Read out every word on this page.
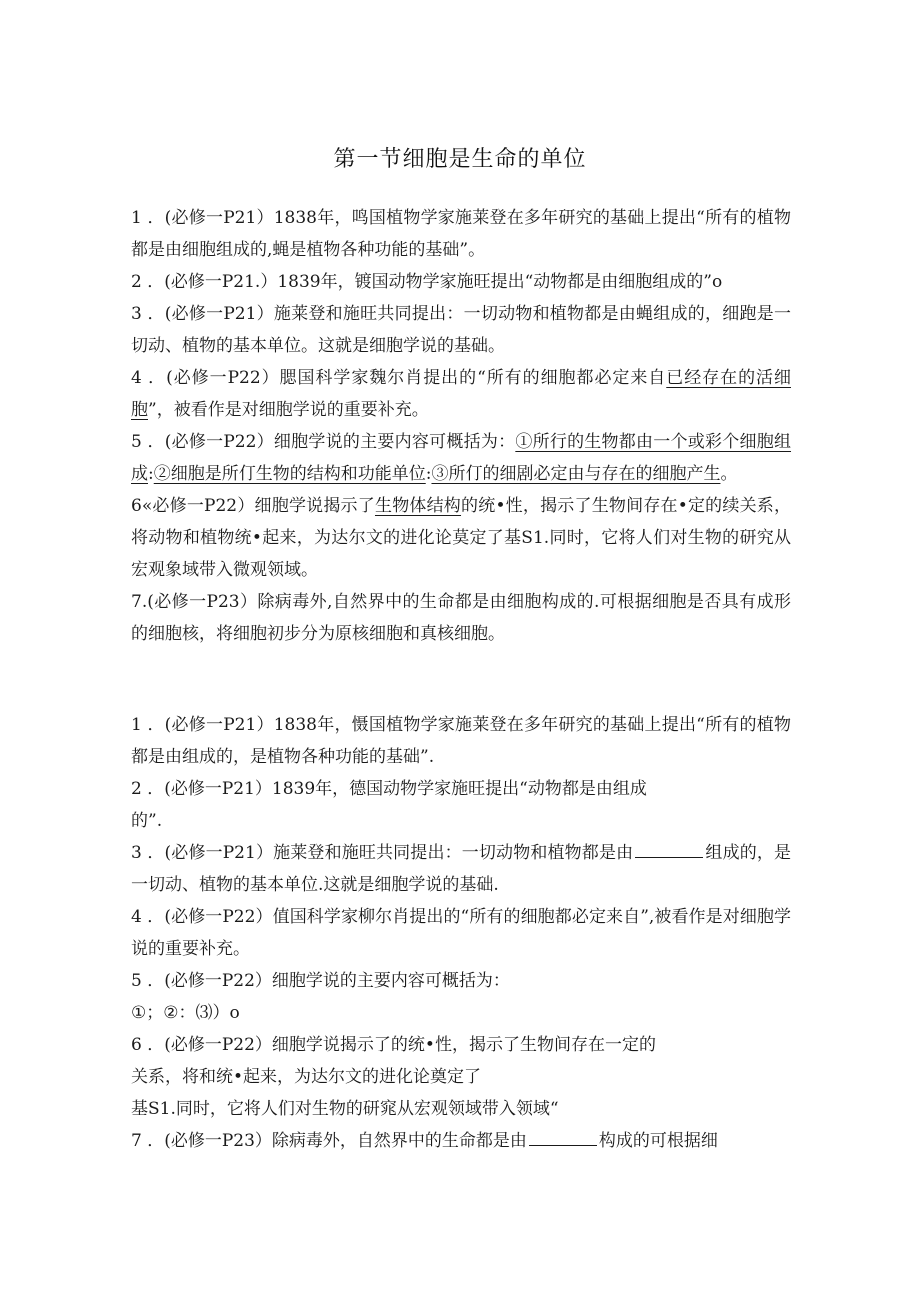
第一节细胞是生命的单位

1 ．(必修一P21）1838年，鸣国植物学家施莱登在多年研究的基础上提出“所有的植物都是由细胞组成的,蝇是植物各种功能的基础”。

2 ．(必修一P21.）1839年，镀国动物学家施旺提出“动物都是由细胞组成的”o

3 ．(必修一P21）施莱登和施旺共同提出：一切动物和植物都是由蝇组成的，细跑是一切动、植物的基本单位。这就是细胞学说的基础。

4 ．(必修一P22）腮国科学家魏尔肖提出的“所有的细胞都必定来自已经存在的活细胞”，被看作是对细胞学说的重要补充。

5 ．(必修一P22）细胞学说的主要内容可概括为：①所行的生物都由一个或彩个细胞组成:②细胞是所仃生物的结构和功能单位:③所仃的细剧必定由与存在的细胞产生。

6«必修一P22）细胞学说揭示了生物体结构的统•性，揭示了生物间存在•定的续关系，将动物和植物统•起来，为达尔文的进化论莫定了基S1.同时，它将人们对生物的研究从宏观象域带入微观领域。

7.(必修一P23）除病毒外,自然界中的生命都是由细胞构成的.可根据细胞是否具有成形的细胞核，将细胞初步分为原核细胞和真核细胞。

1 ．(必修一P21）1838年，慑国植物学家施莱登在多年研究的基础上提出“所有的植物都是由组成的，是植物各种功能的基础”.

2 ．(必修一P21）1839年，德国动物学家施旺提出“动物都是由组成

的”.

3 ．(必修一P21）施莱登和施旺共同提出：一切动物和植物都是由	组成的，是一切动、植物的基本单位.这就是细胞学说的基础.

4 ．(必修一P22）值国科学家柳尔肖提出的“所有的细胞都必定来自”,被看作是对细胞学说的重要补充。

5 ．(必修一P22）细胞学说的主要内容可概括为：

①；②：⑶）o

6 ．(必修一P22）细胞学说揭示了的统•性，揭示了生物间存在一定的

关系，将和统•起来，为达尔文的进化论奠定了

基S1.同时，它将人们对生物的研窕从宏观领域带入领域“

7 ．(必修一P23）除病毒外，自然界中的生命都是由	构成的可根据细
